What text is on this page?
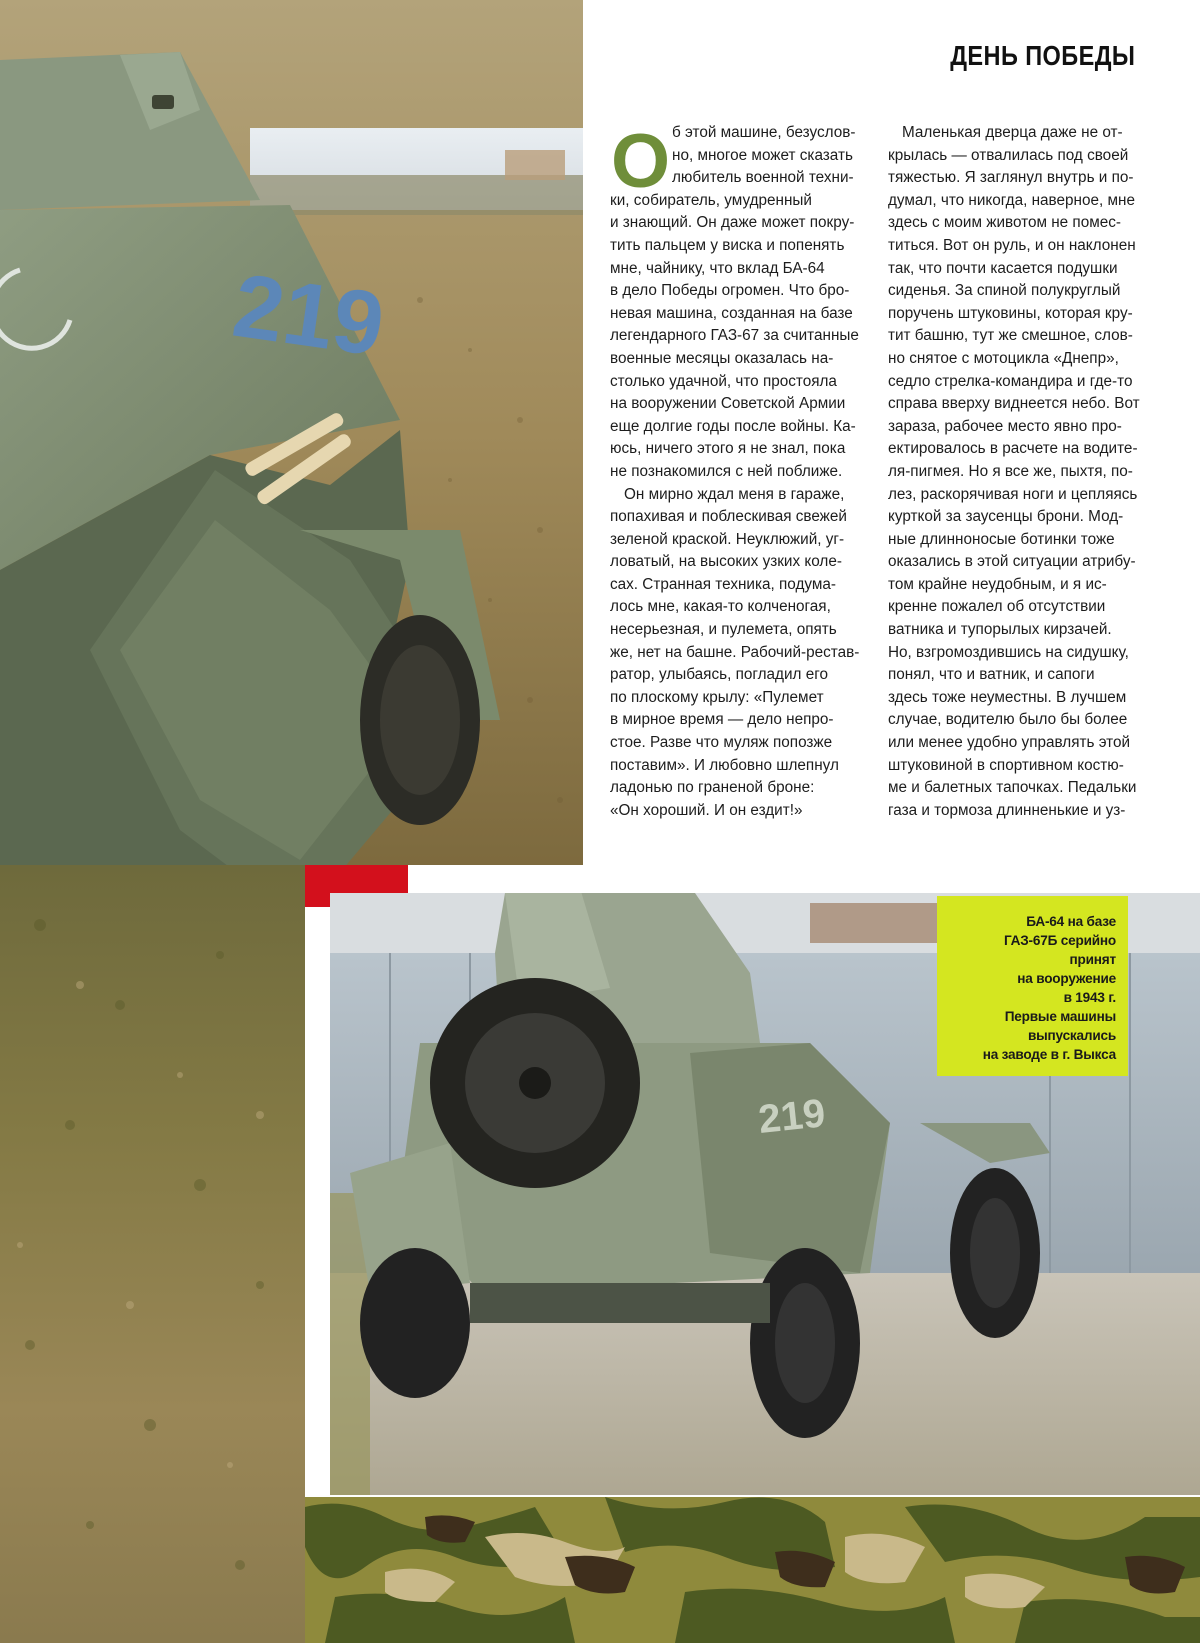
219
219

БА-64 на базе

ГАЗ-67Б серийно

принят

на вооружение

в 1943 г.

Первые машины

выпускались

на заводе в г. Выкса

ДЕНЬ ПОБЕДЫ
О б этой машине, безуслов-
но, многое может сказать
любитель военной техни-
ки, собиратель, умудренный
и знающий. Он даже может покру-
тить пальцем у виска и попенять
мне, чайнику, что вклад БА-64
в дело Победы огромен. Что бро-
невая машина, созданная на базе
легендарного ГАЗ-67 за считанные
военные месяцы оказалась на-
столько удачной, что простояла
на вооружении Советской Армии
еще долгие годы после войны. Ка-
юсь, ничего этого я не знал, пока
не познакомился с ней поближе.
Он мирно ждал меня в гараже,
попахивая и поблескивая свежей
зеленой краской. Неуклюжий, уг-
ловатый, на высоких узких коле-
сах. Странная техника, подума-
лось мне, какая-то колченогая,
несерьезная, и пулемета, опять
же, нет на башне. Рабочий-рестав-
ратор, улыбаясь, погладил его
по плоскому крылу: «Пулемет
в мирное время — дело непро-
стое. Разве что муляж попозже
поставим». И любовно шлепнул
ладонью по граненой броне:
«Он хороший. И он ездит!»
Маленькая дверца даже не от-
крылась — отвалилась под своей
тяжестью. Я заглянул внутрь и по-
думал, что никогда, наверное, мне
здесь с моим животом не помес-
титься. Вот он руль, и он наклонен
так, что почти касается подушки
сиденья. За спиной полукруглый
поручень штуковины, которая кру-
тит башню, тут же смешное, слов-
но снятое с мотоцикла «Днепр»,
седло стрелка-командира и где-то
справа вверху виднеется небо. Вот
зараза, рабочее место явно про-
ектировалось в расчете на водите-
ля-пигмея. Но я все же, пыхтя, по-
лез, раскорячивая ноги и цепляясь
курткой за заусенцы брони. Мод-
ные длинноносые ботинки тоже
оказались в этой ситуации атрибу-
том крайне неудобным, и я ис-
кренне пожалел об отсутствии
ватника и тупорылых кирзачей.
Но, взгромоздившись на сидушку,
понял, что и ватник, и сапоги
здесь тоже неуместны. В лучшем
случае, водителю было бы более
или менее удобно управлять этой
штуковиной в спортивном костю-
ме и балетных тапочках. Педальки
газа и тормоза длинненькие и уз-
